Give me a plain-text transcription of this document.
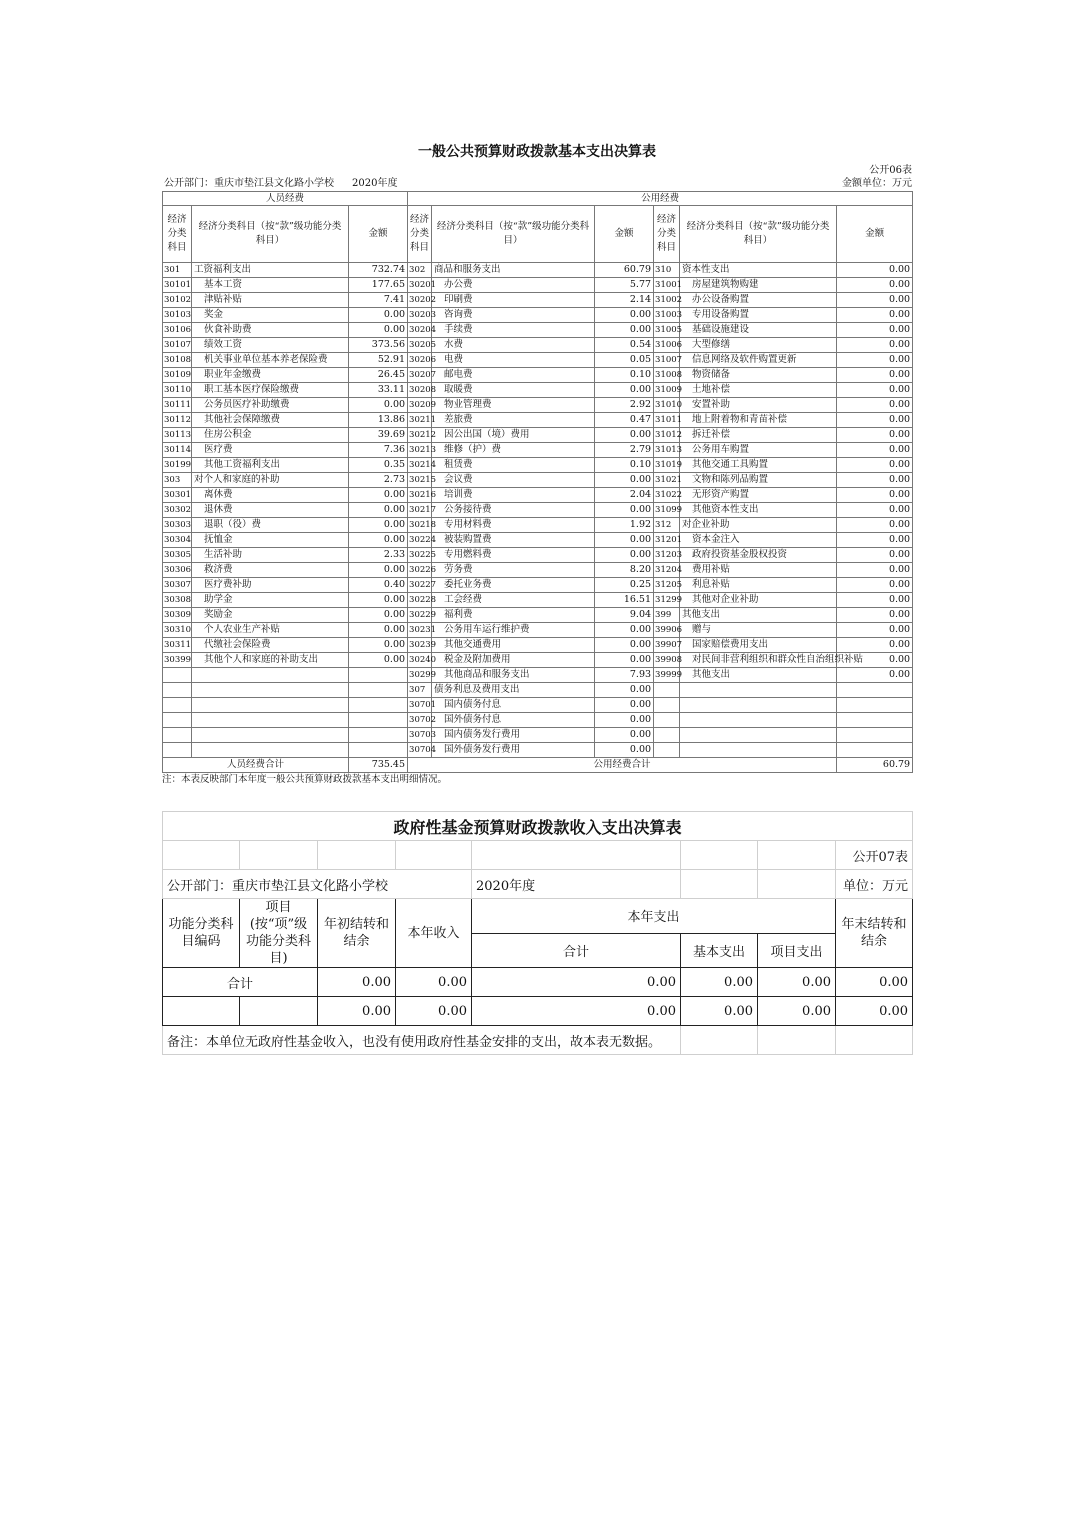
一般公共预算财政拨款基本支出决算表
公开06表
公开部门：重庆市垫江县文化路小学校 2020年度	金额单位：万元
人员经费			公用经费					
经济分类科目	经济分类科目（按“款”级功能分类科目）	金额	经济分类科目	经济分类科目（按“款”级功能分类科目）	金额	经济分类科目	经济分类科目（按“款”级功能分类科目）	金额
301	工资福利支出	732.74	302	商品和服务支出	60.79	310	资本性支出	0.00
30101	基本工资	177.65	30201	办公费	5.77	31001	房屋建筑物购建	0.00
30102	津贴补贴	7.41	30202	印刷费	2.14	31002	办公设备购置	0.00
30103	奖金	0.00	30203	咨询费	0.00	31003	专用设备购置	0.00
30106	伙食补助费	0.00	30204	手续费	0.00	31005	基础设施建设	0.00
30107	绩效工资	373.56	30205	水费	0.54	31006	大型修缮	0.00
30108	机关事业单位基本养老保险费	52.91	30206	电费	0.05	31007	信息网络及软件购置更新	0.00
30109	职业年金缴费	26.45	30207	邮电费	0.10	31008	物资储备	0.00
30110	职工基本医疗保险缴费	33.11	30208	取暖费	0.00	31009	土地补偿	0.00
30111	公务员医疗补助缴费	0.00	30209	物业管理费	2.92	31010	安置补助	0.00
30112	其他社会保障缴费	13.86	30211	差旅费	0.47	31011	地上附着物和青苗补偿	0.00
30113	住房公积金	39.69	30212	因公出国（境）费用	0.00	31012	拆迁补偿	0.00
30114	医疗费	7.36	30213	维修（护）费	2.79	31013	公务用车购置	0.00
30199	其他工资福利支出	0.35	30214	租赁费	0.10	31019	其他交通工具购置	0.00
303	对个人和家庭的补助	2.73	30215	会议费	0.00	31021	文物和陈列品购置	0.00
30301	离休费	0.00	30216	培训费	2.04	31022	无形资产购置	0.00
30302	退休费	0.00	30217	公务接待费	0.00	31099	其他资本性支出	0.00
30303	退职（役）费	0.00	30218	专用材料费	1.92	312	对企业补助	0.00
30304	抚恤金	0.00	30224	被装购置费	0.00	31201	资本金注入	0.00
30305	生活补助	2.33	30225	专用燃料费	0.00	31203	政府投资基金股权投资	0.00
30306	救济费	0.00	30226	劳务费	8.20	31204	费用补贴	0.00
30307	医疗费补助	0.40	30227	委托业务费	0.25	31205	利息补贴	0.00
30308	助学金	0.00	30228	工会经费	16.51	31299	其他对企业补助	0.00
30309	奖励金	0.00	30229	福利费	9.04	399	其他支出	0.00
30310	个人农业生产补贴	0.00	30231	公务用车运行维护费	0.00	39906	赠与	0.00
30311	代缴社会保险费	0.00	30239	其他交通费用	0.00	39907	国家赔偿费用支出	0.00
30399	其他个人和家庭的补助支出	0.00	30240	税金及附加费用	0.00	39908	对民间非营利组织和群众性自治组织补贴	0.00
			30299	其他商品和服务支出	7.93	39999	其他支出	0.00
			307	债务利息及费用支出	0.00			
			30701	国内债务付息	0.00			
			30702	国外债务付息	0.00			
			30703	国内债务发行费用	0.00			
			30704	国外债务发行费用	0.00			
人员经费合计		735.45	公用经费合计					60.79
注：本表反映部门本年度一般公共预算财政拨款基本支出明细情况。
政府性基金预算财政拨款收入支出决算表							
							公开07表
公开部门：重庆市垫江县文化路小学校				2020年度			单位：万元
功能分类科目编码	项目(按“项”级功能分类科目)	年初结转和结余	本年收入	本年支出			年末结转和结余
				合计	基本支出	项目支出	
合计		0.00	0.00	0.00	0.00	0.00	0.00
		0.00	0.00	0.00	0.00	0.00	0.00
备注：本单位无政府性基金收入，也没有使用政府性基金安排的支出，故本表无数据。							
